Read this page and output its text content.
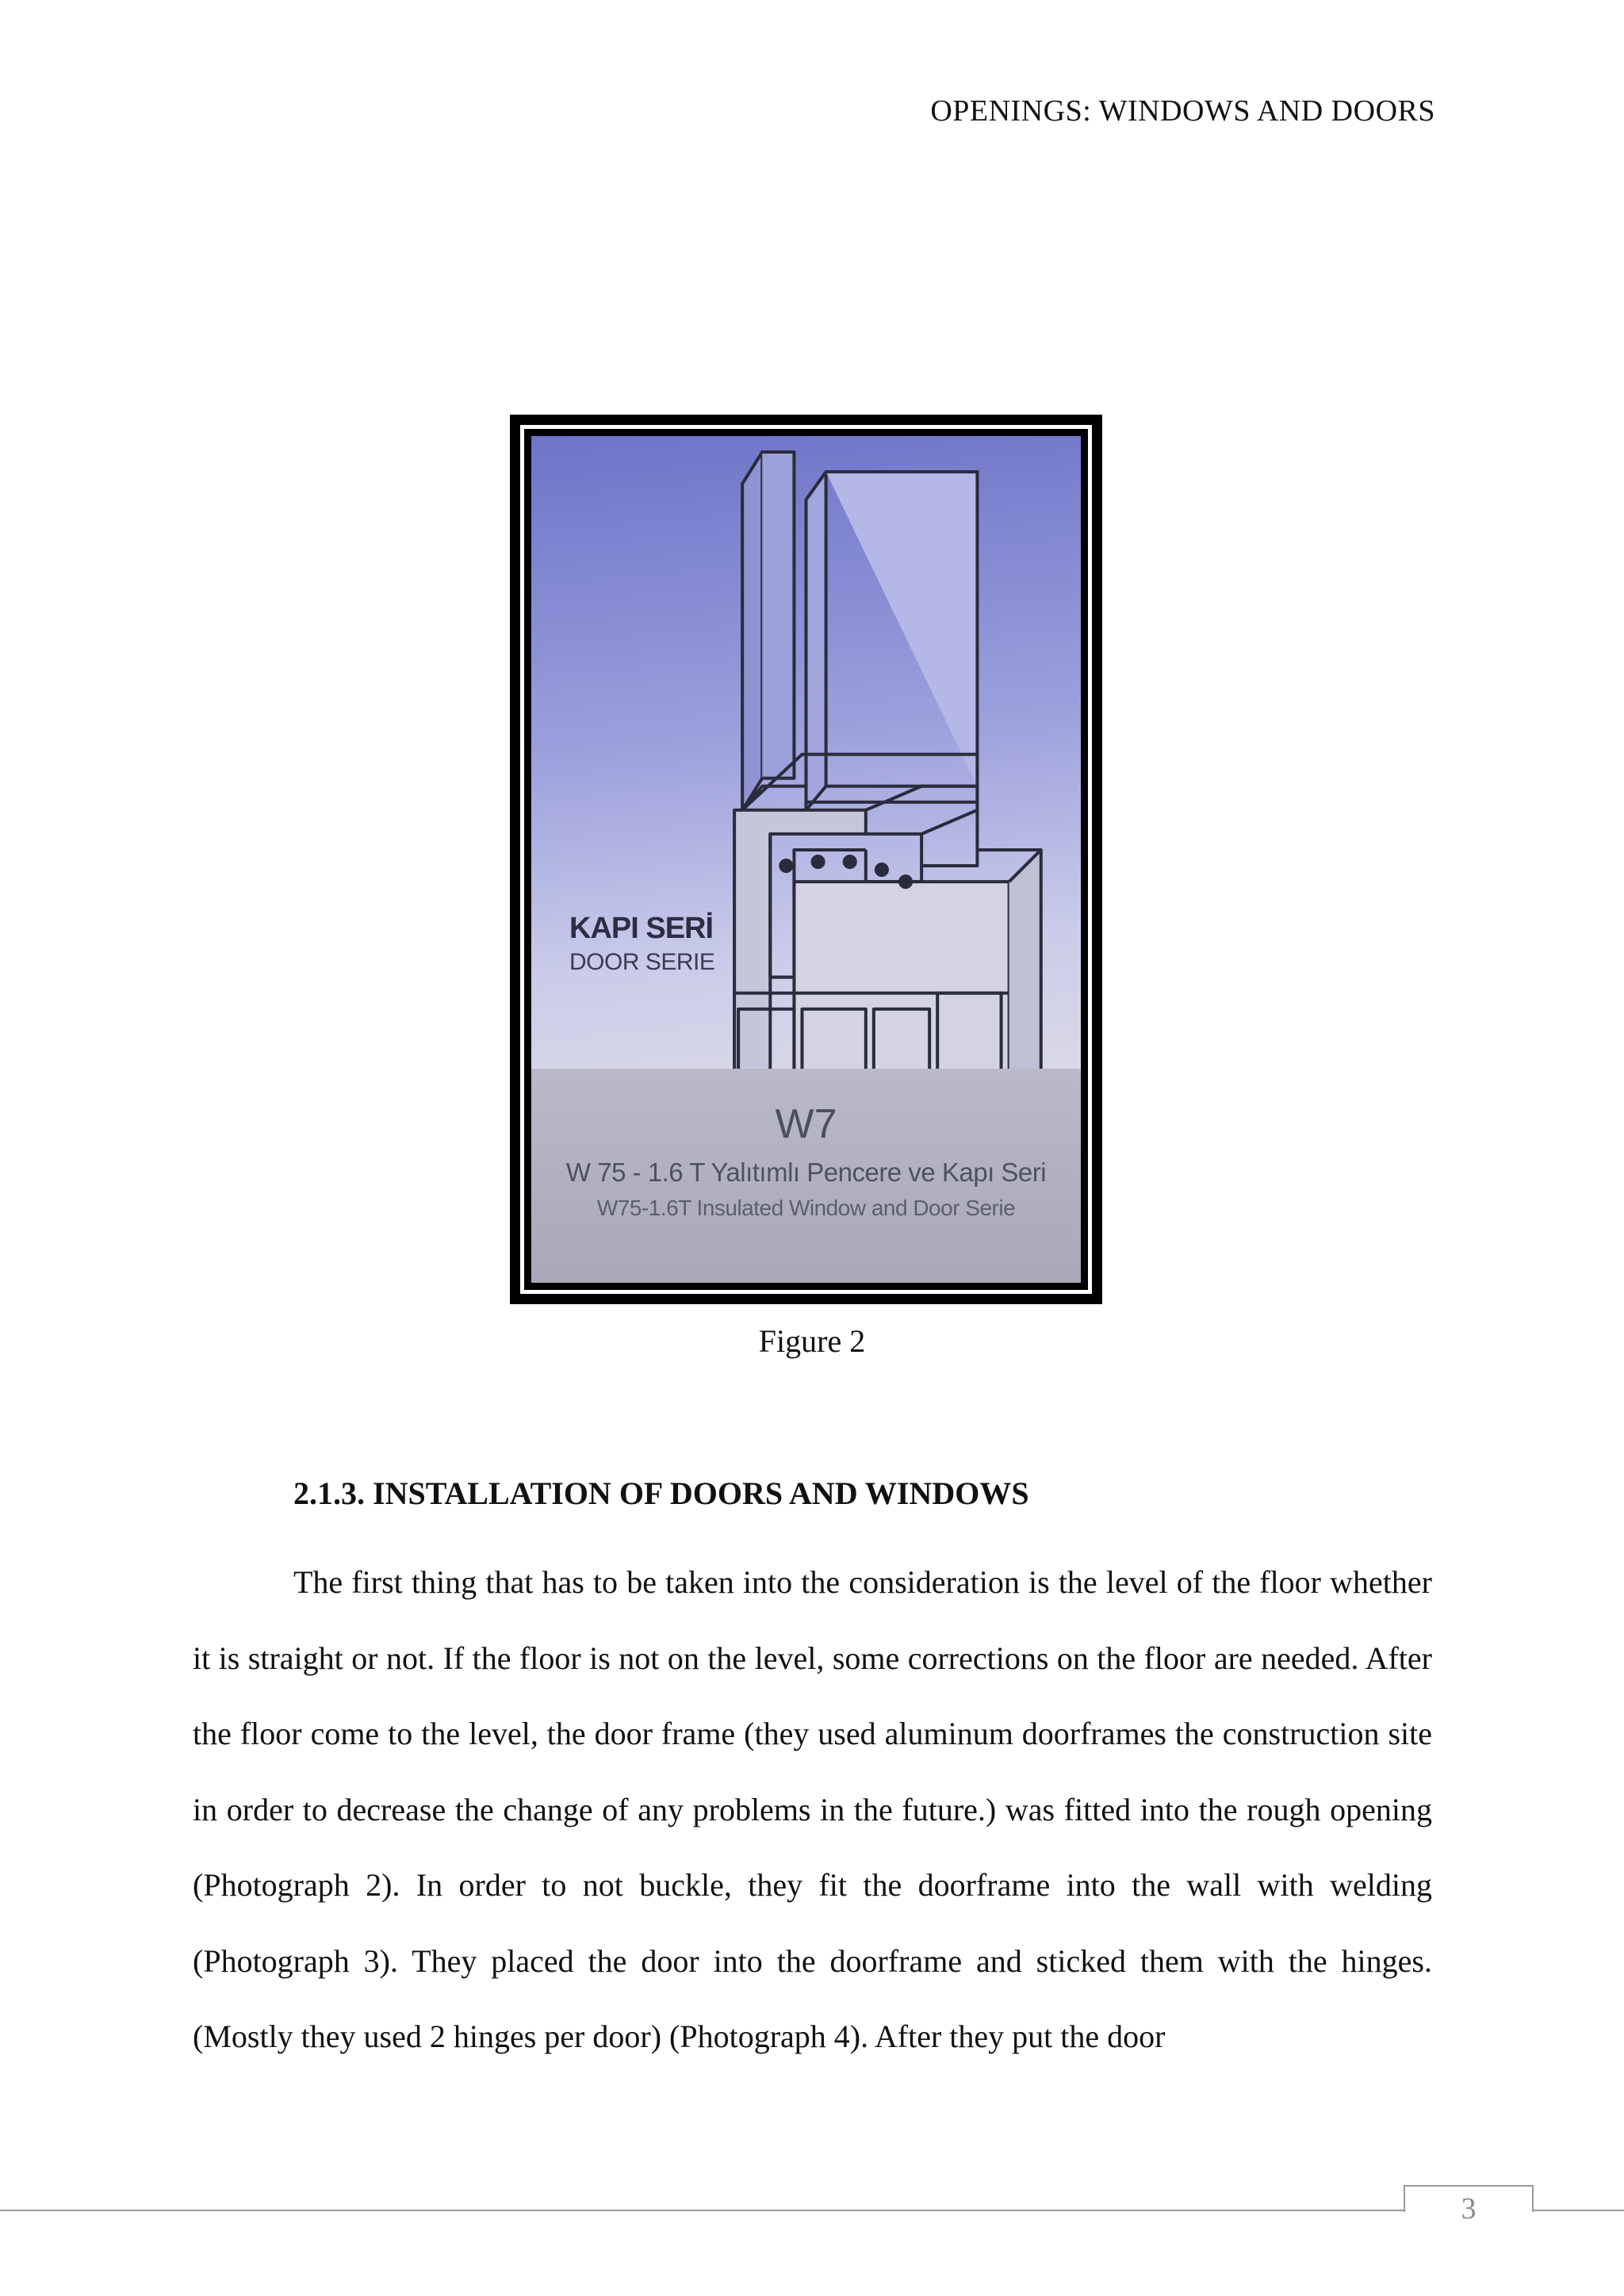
OPENINGS: WINDOWS AND DOORS
KAPI SERİ
DOOR SERIE
W7
W 75 - 1.6 T Yalıtımlı Pencere ve Kapı Seri
W75-1.6T Insulated Window and Door Serie
Figure 2
2.1.3. INSTALLATION OF DOORS AND WINDOWS

The first thing that has to be taken into the consideration is the level of the floor whether it is straight or not. If the floor is not on the level, some corrections on the floor are needed. After the floor come to the level, the door frame (they used aluminum doorframes the construction site in order to decrease the change of any problems in the future.) was fitted into the rough opening (Photograph 2). In order to not buckle, they fit the doorframe into the wall with welding (Photograph 3). They placed the door into the doorframe and sticked them with the hinges. (Mostly they used 2 hinges per door) (Photograph 4). After they put the door

3
